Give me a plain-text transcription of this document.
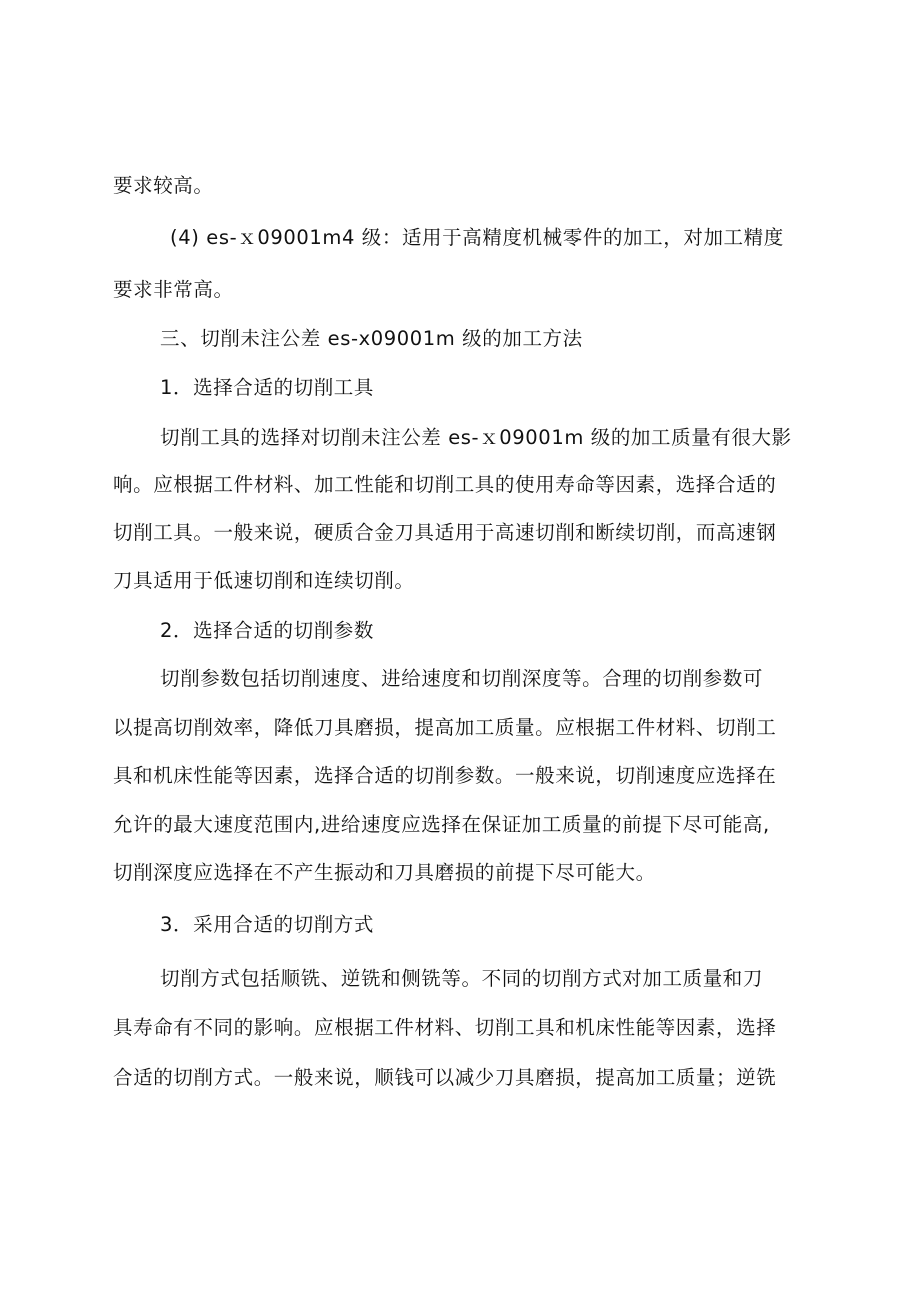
要求较高。

(4) es-ｘ09001m4 级：适用于高精度机械零件的加工，对加工精度

要求非常高。

三、切削未注公差 es-x09001m 级的加工方法

1．选择合适的切削工具

切削工具的选择对切削未注公差 es-ｘ09001m 级的加工质量有很大影

响。应根据工件材料、加工性能和切削工具的使用寿命等因素，选择合适的

切削工具。一般来说，硬质合金刀具适用于高速切削和断续切削，而高速钢

刀具适用于低速切削和连续切削。

2．选择合适的切削参数

切削参数包括切削速度、进给速度和切削深度等。合理的切削参数可

以提高切削效率，降低刀具磨损，提高加工质量。应根据工件材料、切削工

具和机床性能等因素，选择合适的切削参数。一般来说，切削速度应选择在

允许的最大速度范围内,进给速度应选择在保证加工质量的前提下尽可能高,

切削深度应选择在不产生振动和刀具磨损的前提下尽可能大。

3．采用合适的切削方式

切削方式包括顺铣、逆铣和侧铣等。不同的切削方式对加工质量和刀

具寿命有不同的影响。应根据工件材料、切削工具和机床性能等因素，选择

合适的切削方式。一般来说，顺钱可以减少刀具磨损，提高加工质量；逆铣
